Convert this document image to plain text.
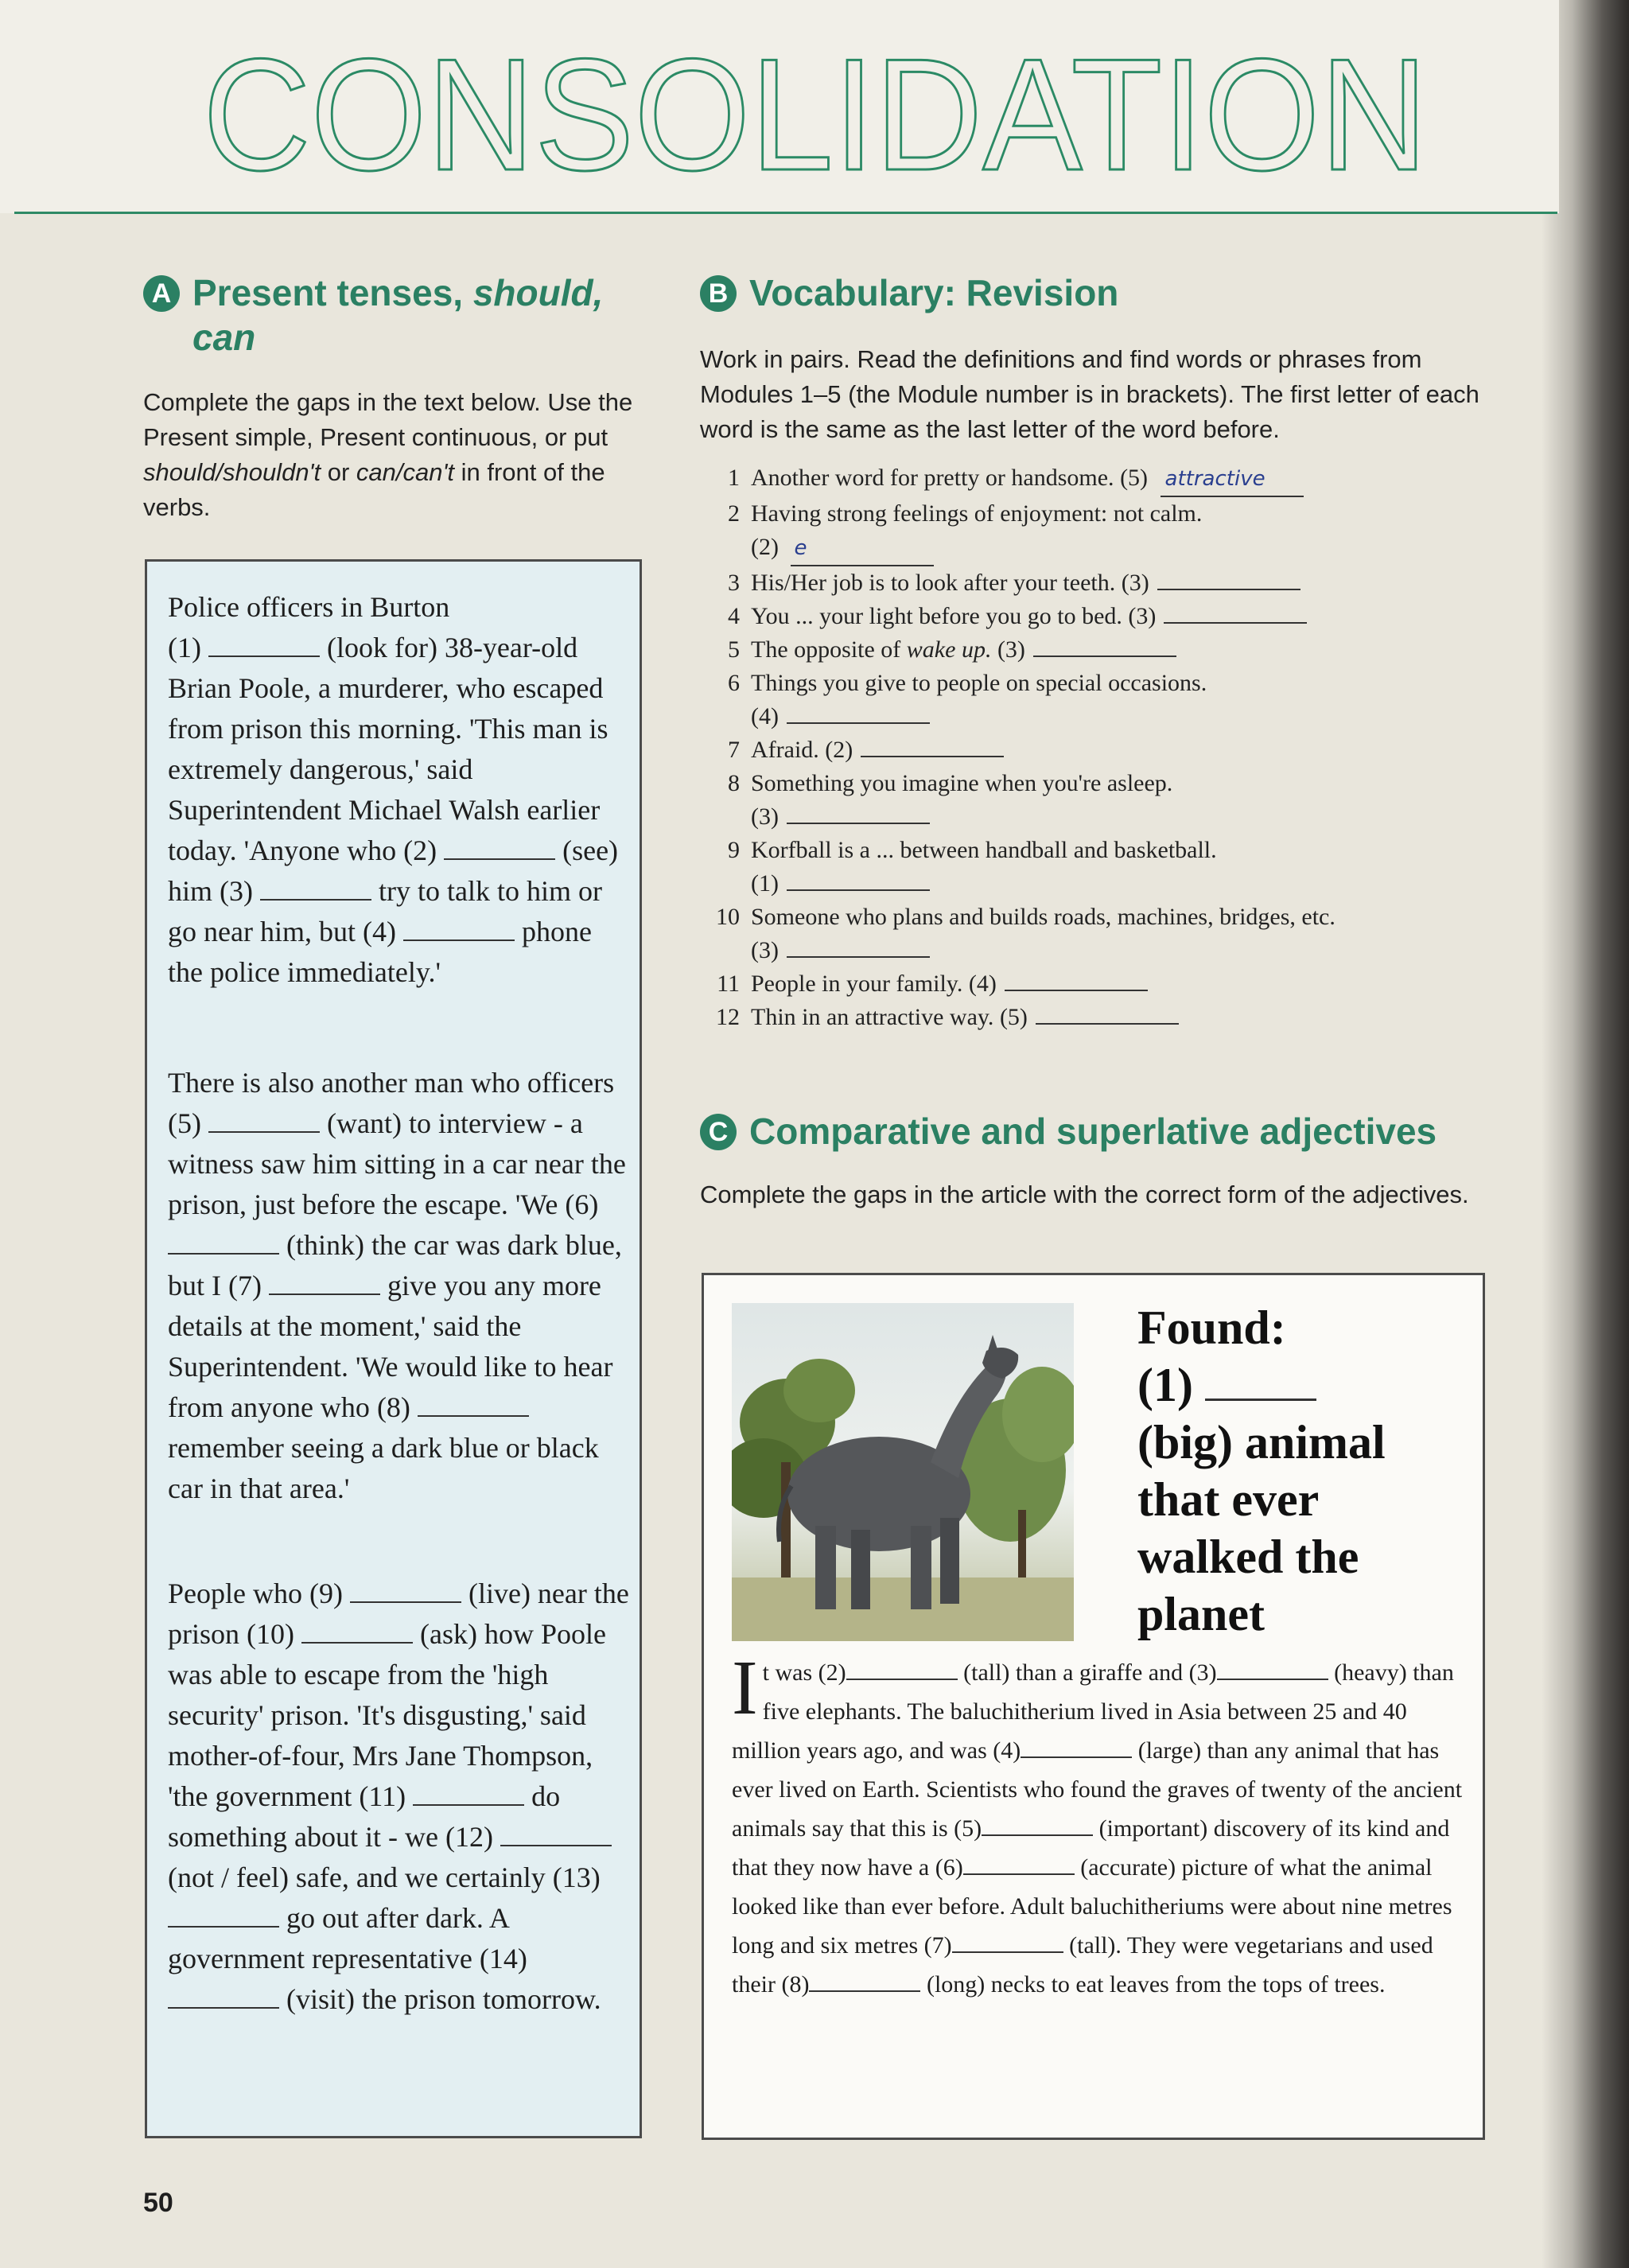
CONSOLIDATION
A Present tenses, should, can
Complete the gaps in the text below. Use the Present simple, Present continuous, or put should/shouldn't or can/can't in front of the verbs.
Police officers in Burton
(1)	(look for) 38-year-old Brian Poole, a murderer, who escaped from prison this morning. 'This man is extremely dangerous,' said Superintendent Michael Walsh earlier today. 'Anyone who (2)	(see) him (3)	try to talk to him or go near him, but (4)	phone the police immediately.'
There is also another man who officers (5)	(want) to interview - a witness saw him sitting in a car near the prison, just before the escape. 'We (6)  (think) the car was dark blue, but I (7)	give you any more details at the moment,' said the Superintendent. 'We would like to hear from anyone who (8)  remember seeing a dark blue or black car in that area.'
People who (9)	(live) near the prison (10)	(ask) how Poole was able to escape from the 'high security' prison. 'It's disgusting,' said mother-of-four, Mrs Jane Thompson, 'the government (11)	do something about it - we (12)  (not / feel) safe, and we certainly (13)  go out after dark. A government representative (14)  (visit) the prison tomorrow.
B Vocabulary: Revision
Work in pairs. Read the definitions and find words or phrases from Modules 1–5 (the Module number is in brackets). The first letter of each word is the same as the last letter of the word before.
1 Another word for pretty or handsome. (5) attractive
2 Having strong feelings of enjoyment: not calm.
(2) e
3 His/Her job is to look after your teeth. (3)
4 You ... your light before you go to bed. (3)
5 The opposite of wake up. (3)
6 Things you give to people on special occasions.
(4)
7 Afraid. (2)
8 Something you imagine when you're asleep.
(3)
9 Korfball is a ... between handball and basketball.
(1)
10 Someone who plans and builds roads, machines, bridges, etc.
(3)
11 People in your family. (4)
12 Thin in an attractive way. (5)
C Comparative and superlative adjectives
Complete the gaps in the article with the correct form of the adjectives.
Found:
(1)
(big) animal that ever walked the planet
I t was (2)	(tall) than a giraffe and (3)	(heavy) than five elephants. The baluchitherium lived in Asia between 25 and 40 million years ago, and was (4)	(large) than any animal that has ever lived on Earth. Scientists who found the graves of twenty of the ancient animals say that this is (5)	(important) discovery of its kind and that they now have a (6)	(accurate) picture of what the animal looked like than ever before. Adult baluchitheriums were about nine metres long and six metres (7)	(tall). They were vegetarians and used their (8)	(long) necks to eat leaves from the tops of trees.
50
